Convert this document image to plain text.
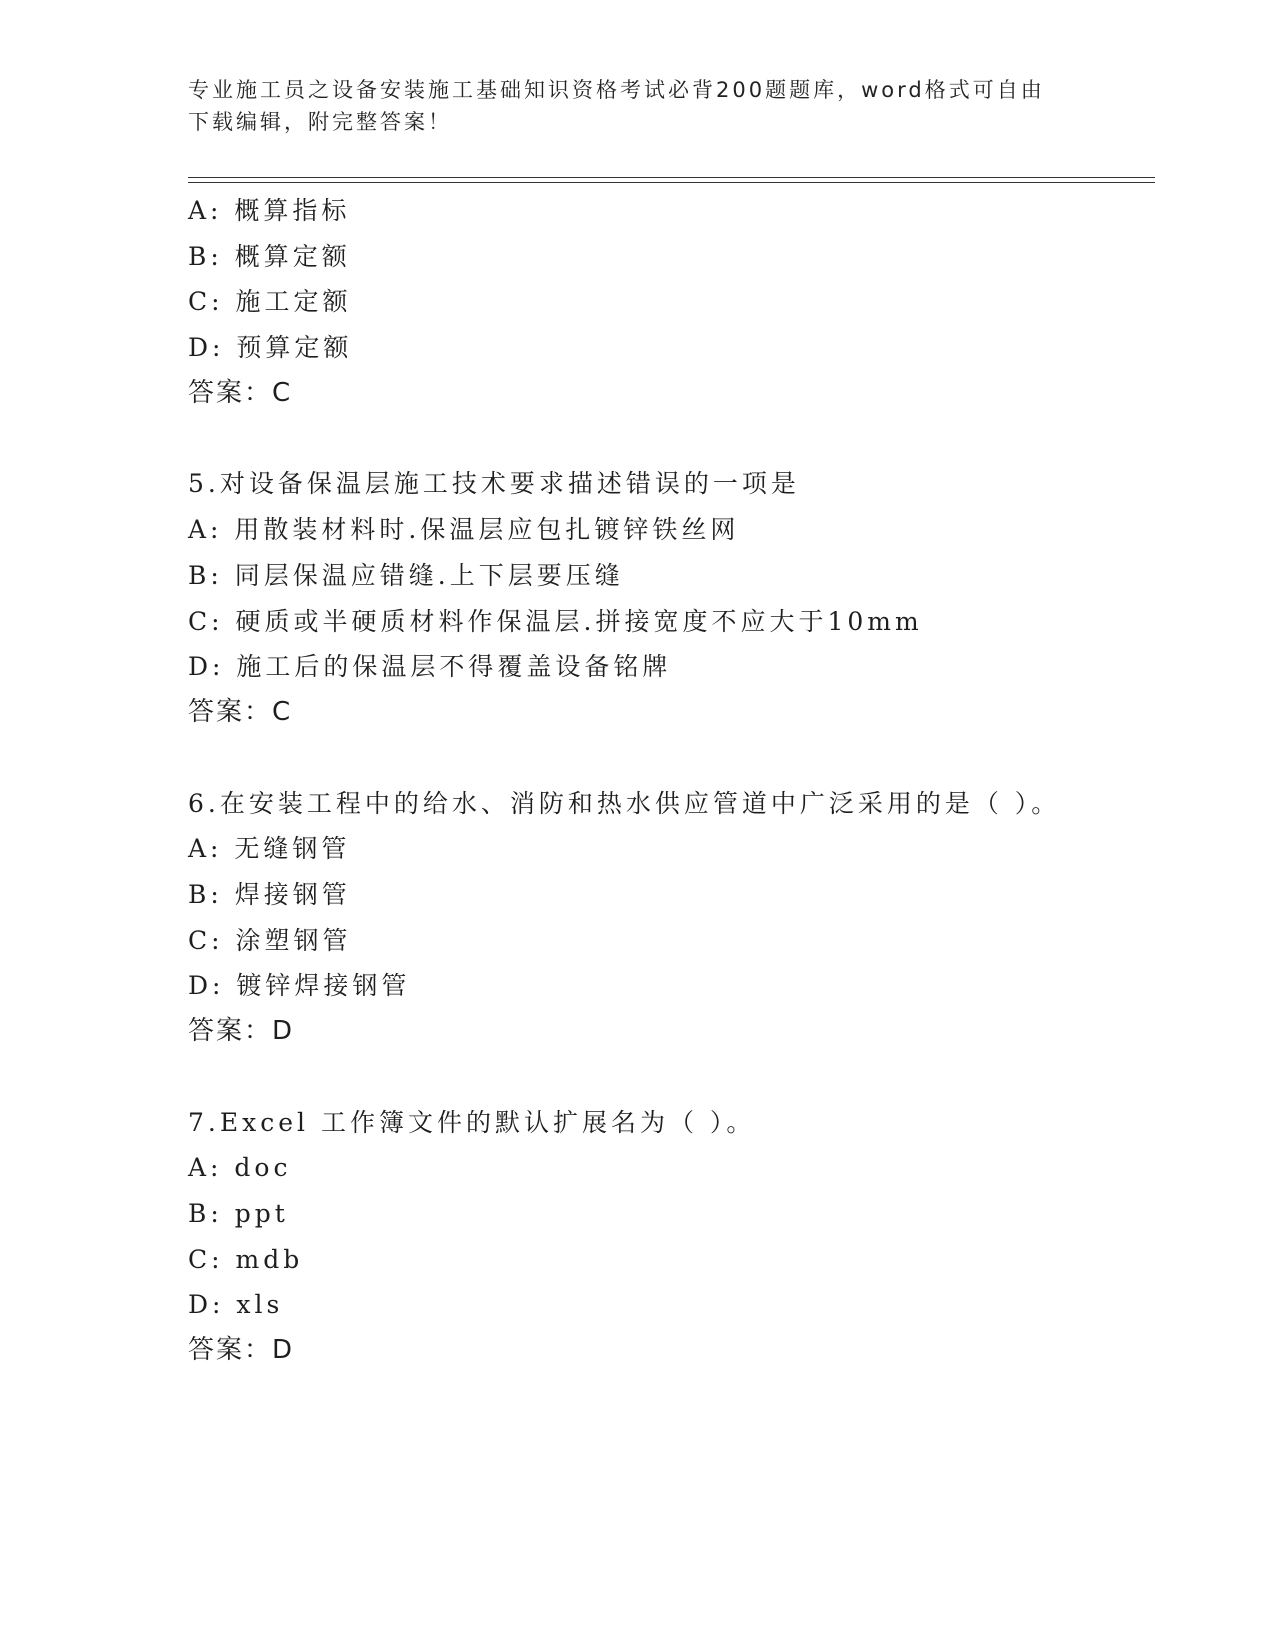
专业施工员之设备安装施工基础知识资格考试必背200题题库，word格式可自由
下载编辑，附完整答案！
A: 概算指标
B: 概算定额
C: 施工定额
D: 预算定额
答案：C
5.对设备保温层施工技术要求描述错误的一项是
A: 用散装材料时.保温层应包扎镀锌铁丝网
B: 同层保温应错缝.上下层要压缝
C: 硬质或半硬质材料作保温层.拼接宽度不应大于10mm
D: 施工后的保温层不得覆盖设备铭牌
答案：C
6.在安装工程中的给水、消防和热水供应管道中广泛采用的是（ ）。
A: 无缝钢管
B: 焊接钢管
C: 涂塑钢管
D: 镀锌焊接钢管
答案：D
7.Excel 工作簿文件的默认扩展名为（ ）。
A: doc
B: ppt
C: mdb
D: xls
答案：D
